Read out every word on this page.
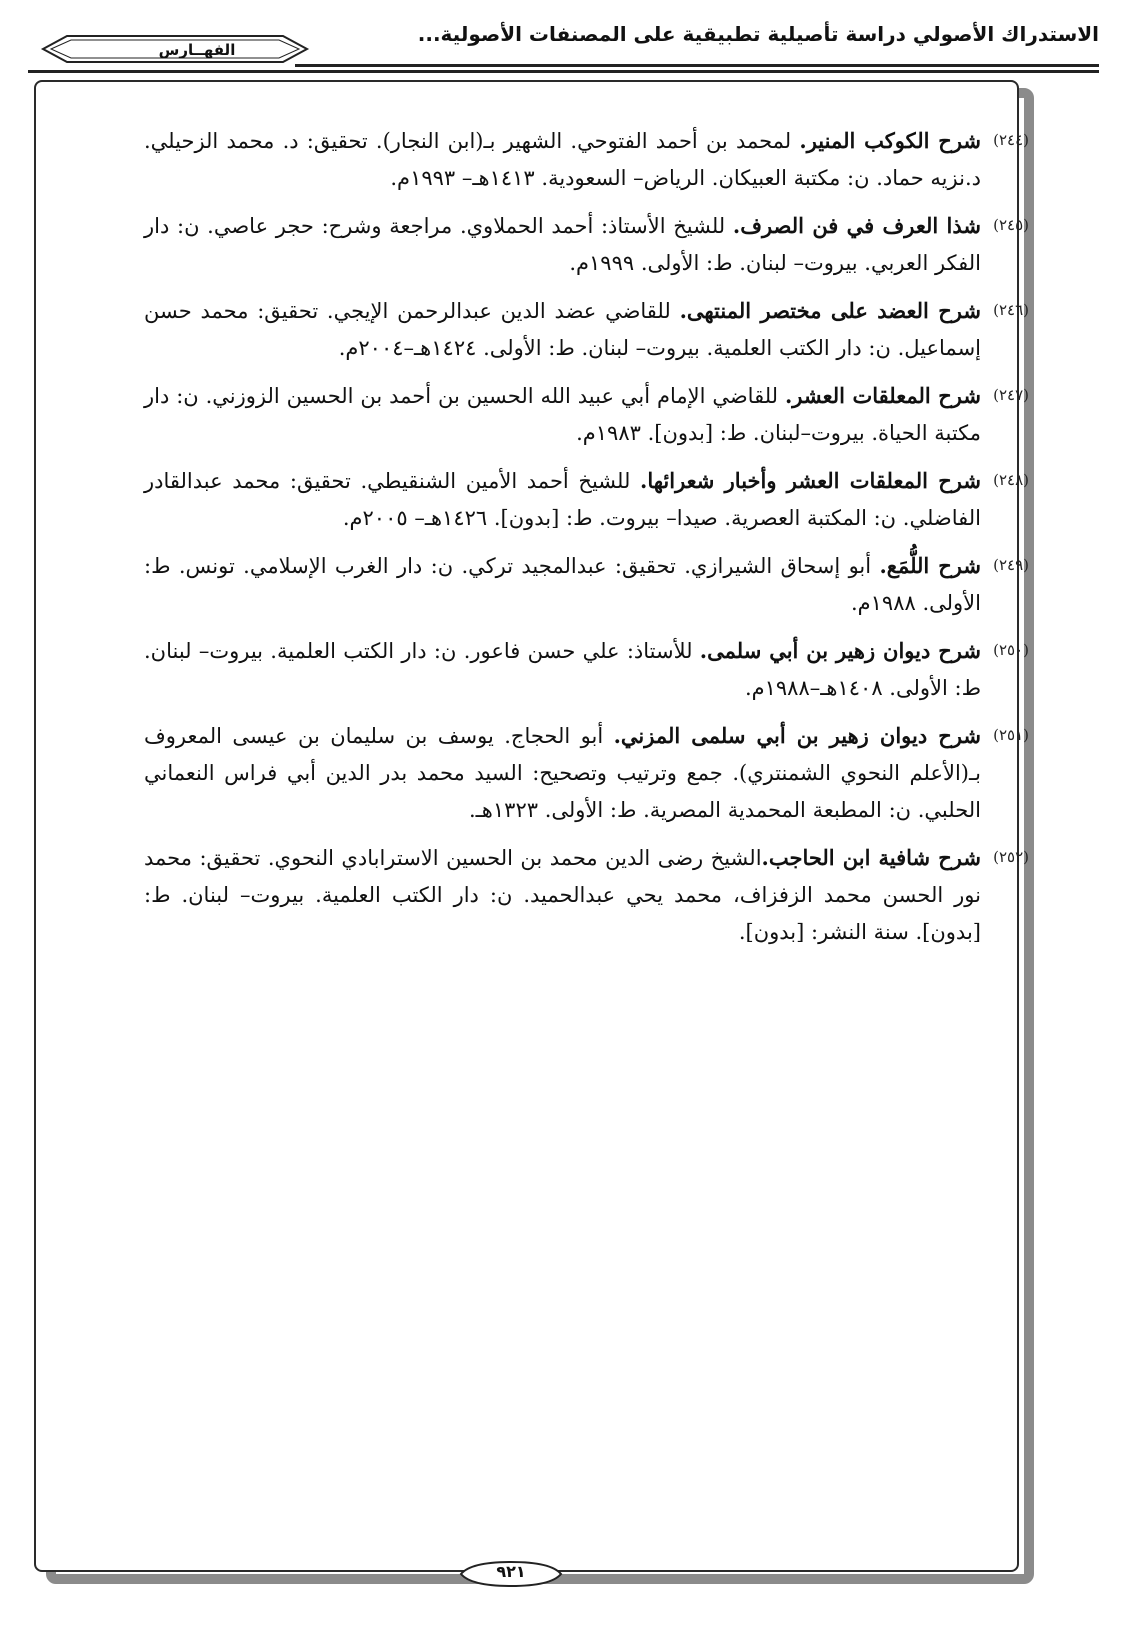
الاستدراك الأصولي دراسة تأصيلية تطبيقية على المصنفات الأصولية...
الفهــارس
(٢٤٤)
شرح الكوكب المنير. لمحمد بن أحمد الفتوحي. الشهير بـ(ابن النجار). تحقيق: د. محمد الزحيلي. د.نزيه حماد. ن: مكتبة العبيكان. الرياض– السعودية. ١٤١٣هـ– ١٩٩٣م.
(٢٤٥)
شذا العرف في فن الصرف. للشيخ الأستاذ: أحمد الحملاوي. مراجعة وشرح: حجر عاصي. ن: دار الفكر العربي. بيروت– لبنان. ط: الأولى. ١٩٩٩م.
(٢٤٦)
شرح العضد على مختصر المنتهى. للقاضي عضد الدين عبدالرحمن الإيجي. تحقيق: محمد حسن إسماعيل. ن: دار الكتب العلمية. بيروت– لبنان. ط: الأولى. ١٤٢٤هـ–٢٠٠٤م.
(٢٤٧)
شرح المعلقات العشر. للقاضي الإمام أبي عبيد الله الحسين بن أحمد بن الحسين الزوزني. ن: دار مكتبة الحياة. بيروت–لبنان. ط: [بدون]. ١٩٨٣م.
(٢٤٨)
شرح المعلقات العشر وأخبار شعرائها. للشيخ أحمد الأمين الشنقيطي. تحقيق: محمد عبدالقادر الفاضلي. ن: المكتبة العصرية. صيدا– بيروت. ط: [بدون]. ١٤٢٦هـ– ٢٠٠٥م.
(٢٤٩)
شرح اللُّمَع. أبو إسحاق الشيرازي. تحقيق: عبدالمجيد تركي. ن: دار الغرب الإسلامي. تونس. ط: الأولى. ١٩٨٨م.
(٢٥٠)
شرح ديوان زهير بن أبي سلمى. للأستاذ: علي حسن فاعور. ن: دار الكتب العلمية. بيروت– لبنان. ط: الأولى. ١٤٠٨هـ–١٩٨٨م.
(٢٥١)
شرح ديوان زهير بن أبي سلمى المزني. أبو الحجاج. يوسف بن سليمان بن عيسى المعروف بـ(الأعلم النحوي الشمنتري). جمع وترتيب وتصحيح: السيد محمد بدر الدين أبي فراس النعماني الحلبي. ن: المطبعة المحمدية المصرية. ط: الأولى. ١٣٢٣هـ.
(٢٥٢)
شرح شافية ابن الحاجب.الشيخ رضى الدين محمد بن الحسين الاسترابادي النحوي. تحقيق: محمد نور الحسن محمد الزفزاف، محمد يحي عبدالحميد. ن: دار الكتب العلمية. بيروت– لبنان. ط: [بدون]. سنة النشر: [بدون].
٩٢١
